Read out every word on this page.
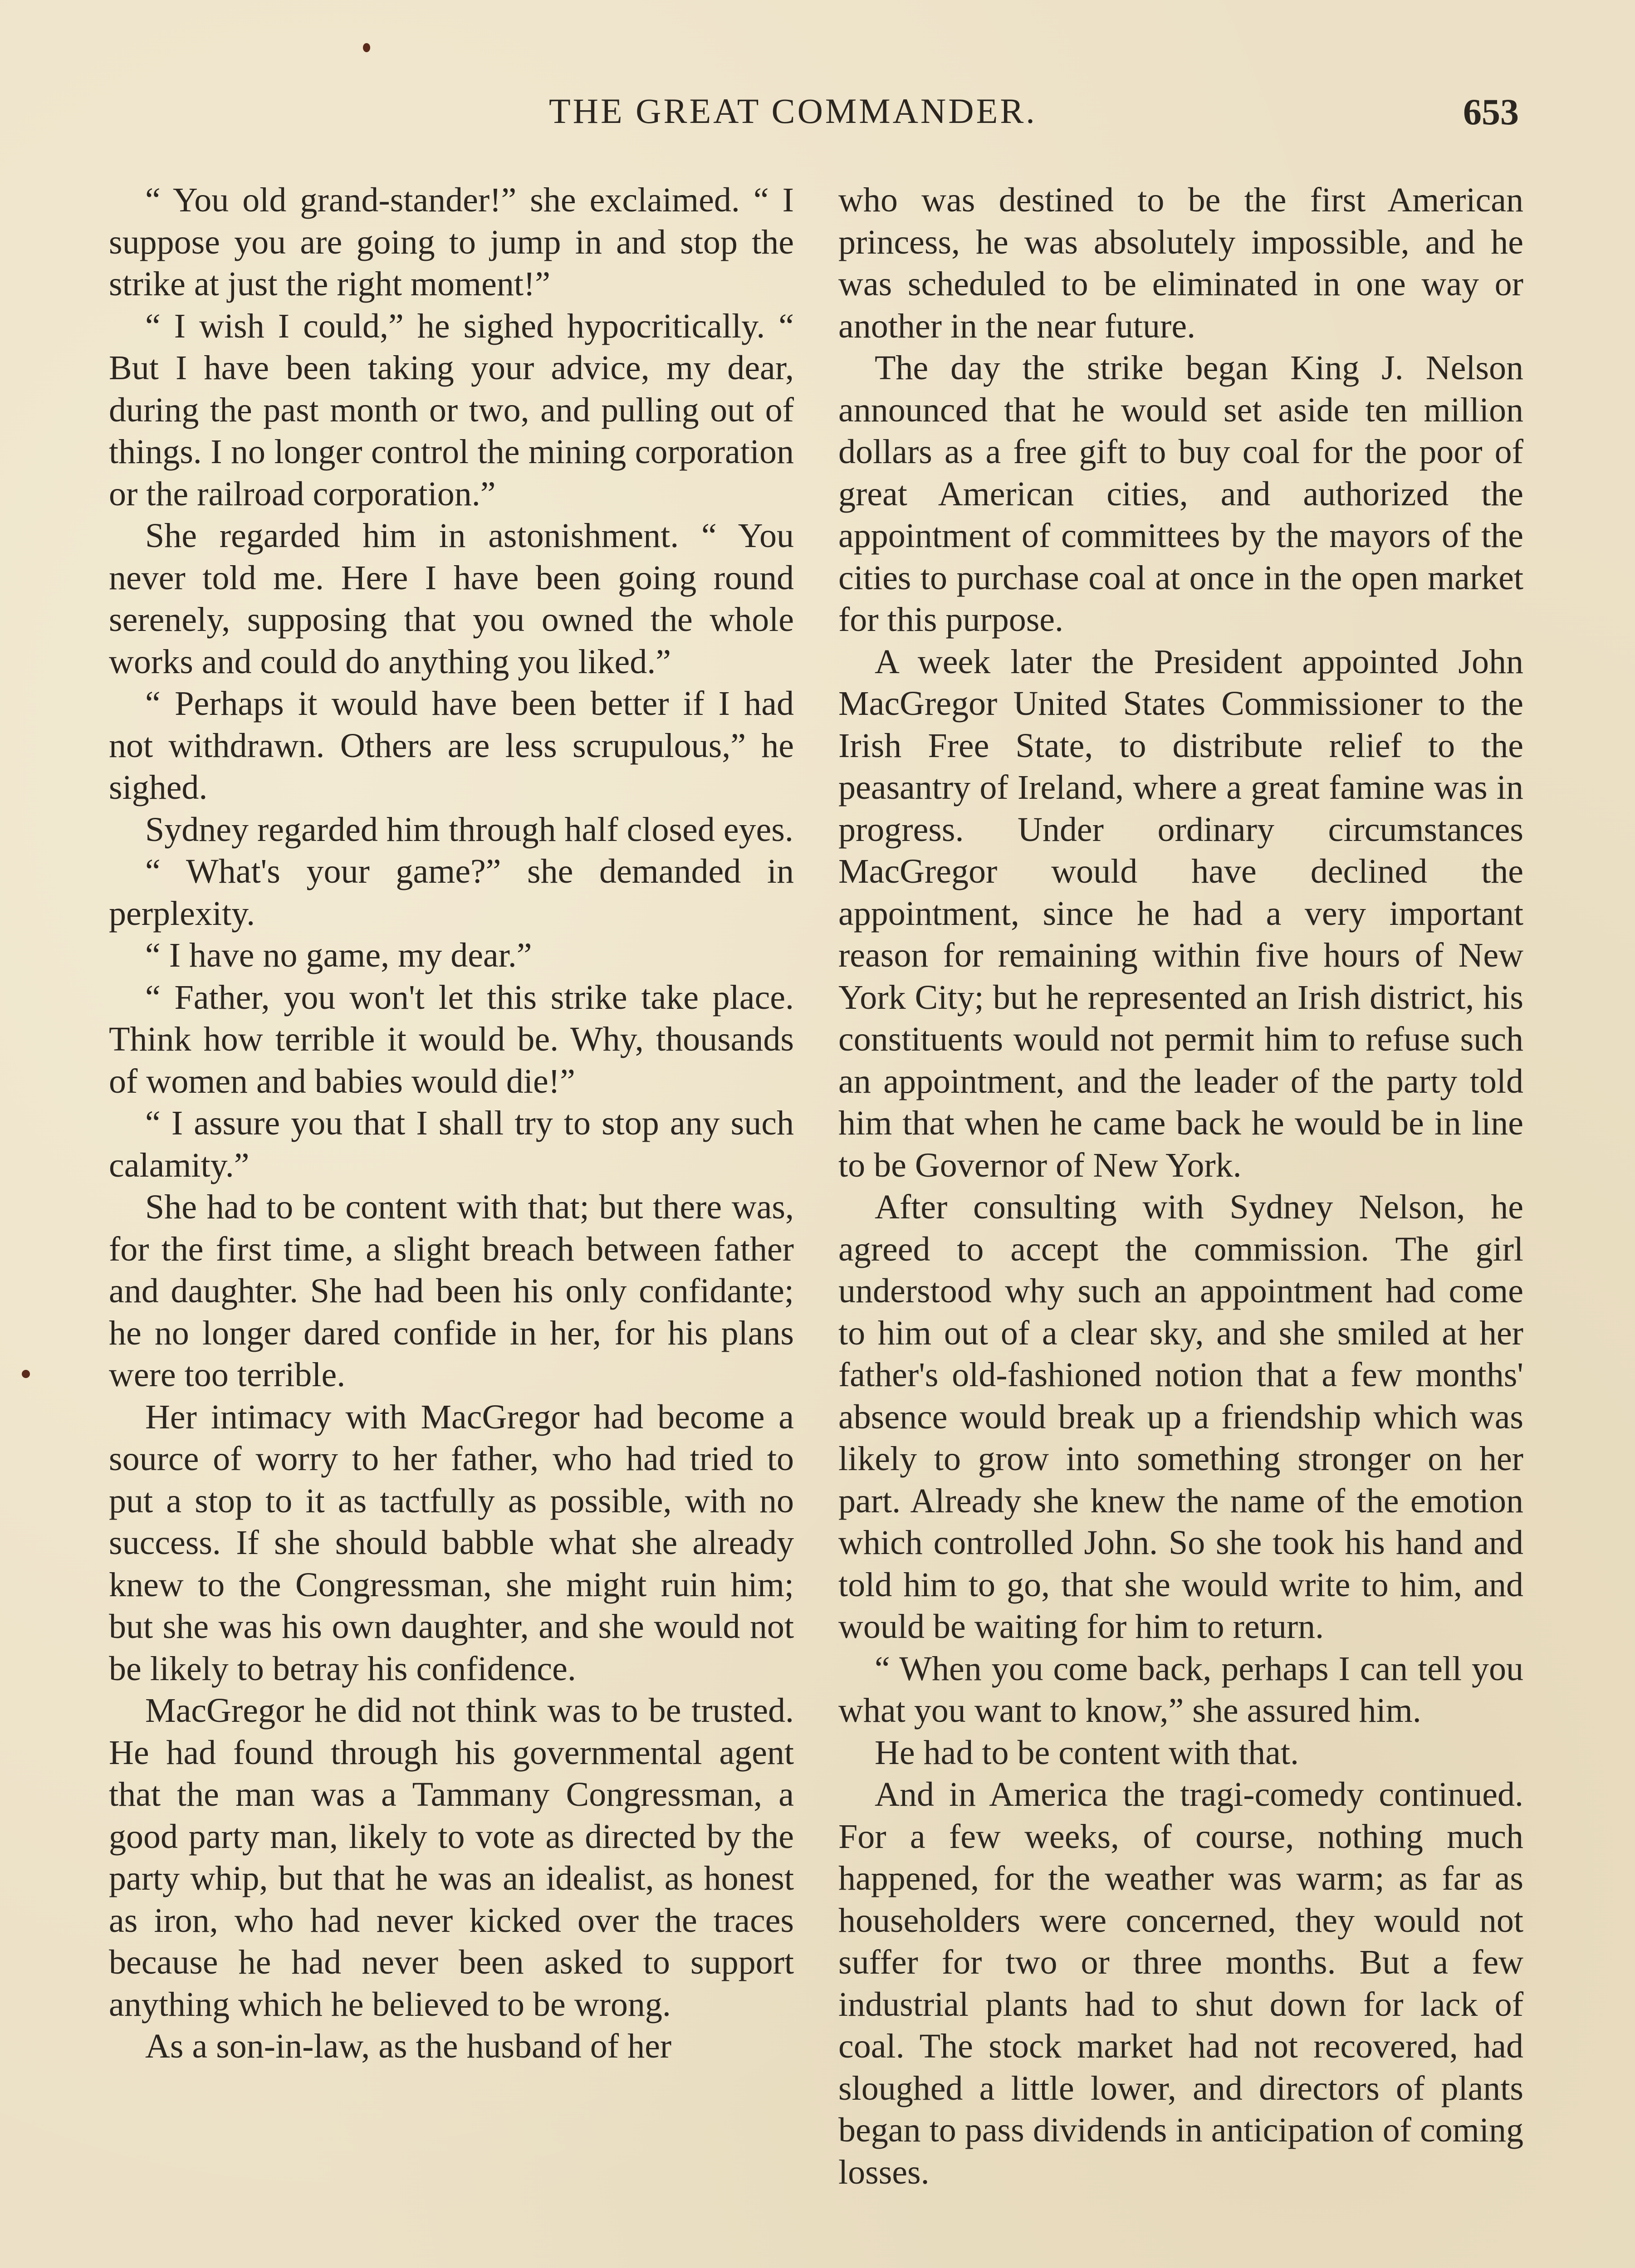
THE GREAT COMMANDER.	653

“ You old grand-stander!” she exclaimed. “ I suppose you are going to jump in and stop the strike at just the right moment!”

“ I wish I could,” he sighed hypocritically. “ But I have been taking your advice, my dear, during the past month or two, and pulling out of things. I no longer control the mining corporation or the railroad corporation.”

She regarded him in astonishment. “ You never told me. Here I have been going round serenely, supposing that you owned the whole works and could do anything you liked.”

“ Perhaps it would have been better if I had not withdrawn. Others are less scrupulous,” he sighed.

Sydney regarded him through half closed eyes.

“ What's your game?” she demanded in perplexity.

“ I have no game, my dear.”

“ Father, you won't let this strike take place. Think how terrible it would be. Why, thousands of women and babies would die!”

“ I assure you that I shall try to stop any such calamity.”

She had to be content with that; but there was, for the first time, a slight breach between father and daughter. She had been his only confidante; he no longer dared confide in her, for his plans were too terrible.

Her intimacy with MacGregor had become a source of worry to her father, who had tried to put a stop to it as tactfully as possible, with no success. If she should babble what she already knew to the Congressman, she might ruin him; but she was his own daughter, and she would not be likely to betray his confidence.

MacGregor he did not think was to be trusted. He had found through his governmental agent that the man was a Tammany Congressman, a good party man, likely to vote as directed by the party whip, but that he was an idealist, as honest as iron, who had never kicked over the traces because he had never been asked to support anything which he believed to be wrong.

As a son-in-law, as the husband of her

who was destined to be the first American princess, he was absolutely impossible, and he was scheduled to be eliminated in one way or another in the near future.

The day the strike began King J. Nelson announced that he would set aside ten million dollars as a free gift to buy coal for the poor of great American cities, and authorized the appointment of committees by the mayors of the cities to purchase coal at once in the open market for this purpose.

A week later the President appointed John MacGregor United States Commissioner to the Irish Free State, to distribute relief to the peasantry of Ireland, where a great famine was in progress. Under ordinary circumstances MacGregor would have declined the appointment, since he had a very important reason for remaining within five hours of New York City; but he represented an Irish district, his constituents would not permit him to refuse such an appointment, and the leader of the party told him that when he came back he would be in line to be Governor of New York.

After consulting with Sydney Nelson, he agreed to accept the commission. The girl understood why such an appointment had come to him out of a clear sky, and she smiled at her father's old-fashioned notion that a few months' absence would break up a friendship which was likely to grow into something stronger on her part. Already she knew the name of the emotion which controlled John. So she took his hand and told him to go, that she would write to him, and would be waiting for him to return.

“ When you come back, perhaps I can tell you what you want to know,” she assured him.

He had to be content with that.

And in America the tragi-comedy continued. For a few weeks, of course, nothing much happened, for the weather was warm; as far as householders were concerned, they would not suffer for two or three months. But a few industrial plants had to shut down for lack of coal. The stock market had not recovered, had sloughed a little lower, and directors of plants began to pass dividends in anticipation of coming losses.
